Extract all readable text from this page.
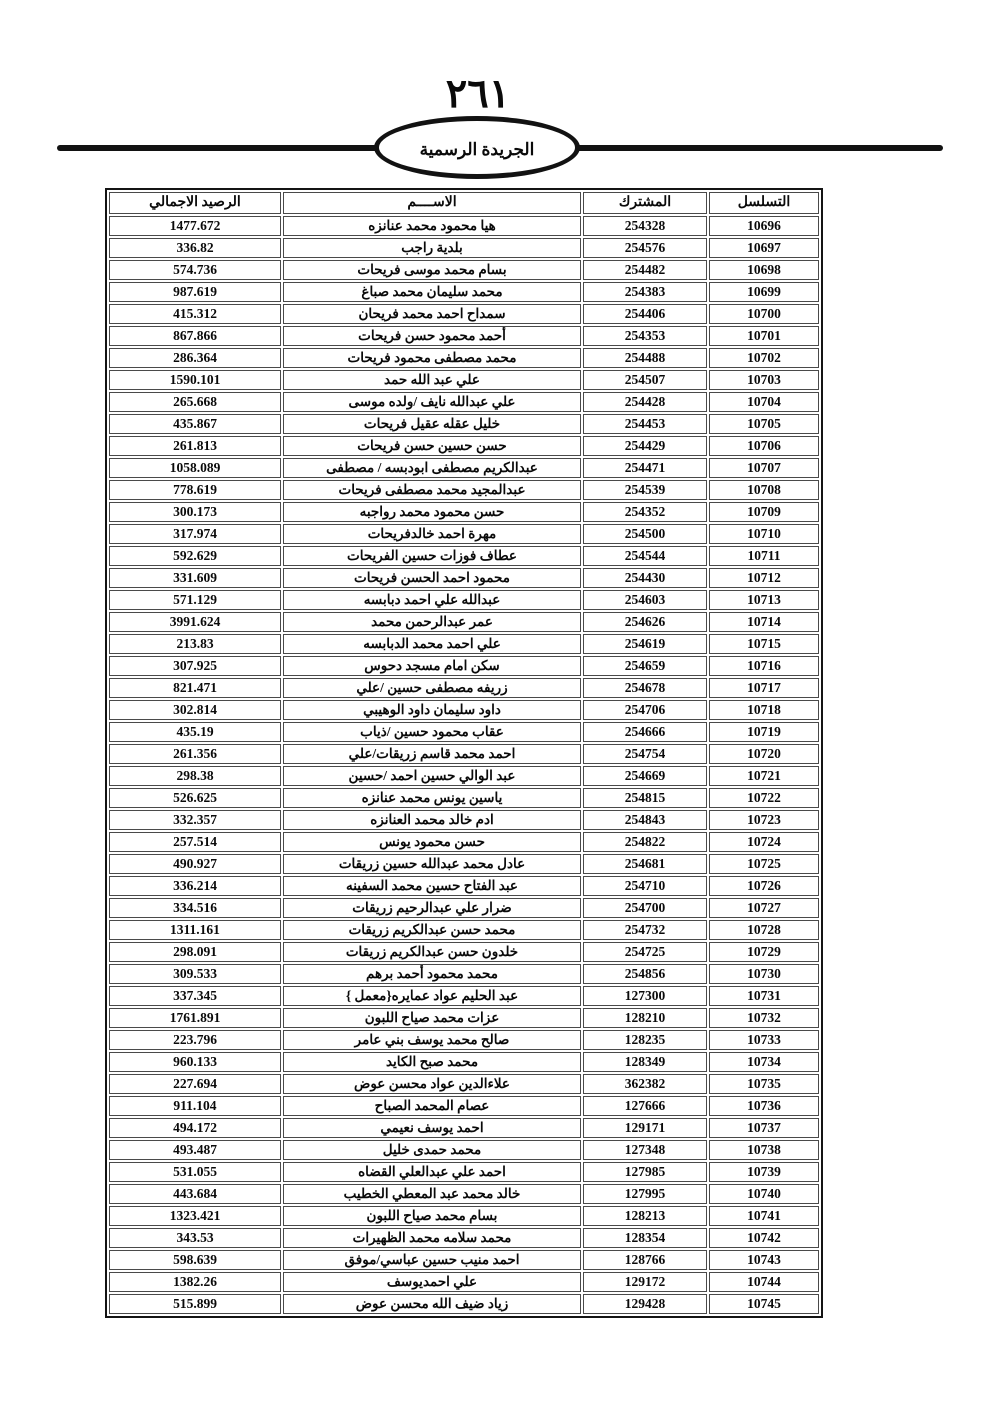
٢٦١
الجريدة الرسمية
التسلسل	المشترك	الاســــم	الرصيد الاجمالي
10696	254328	هيا محمود محمد عنانزه	1477.672
10697	254576	بلدية راجب	336.82
10698	254482	بسام محمد موسى فريحات	574.736
10699	254383	محمد سليمان محمد صباغ	987.619
10700	254406	سمداح احمد محمد فريحان	415.312
10701	254353	أحمد محمود حسن فريحات	867.866
10702	254488	محمد مصطفى محمود فريحات	286.364
10703	254507	علي عبد الله حمد	1590.101
10704	254428	علي عبدالله نايف /ولده موسى	265.668
10705	254453	خليل عقله عقيل فريحات	435.867
10706	254429	حسن حسين حسن فريحات	261.813
10707	254471	عبدالكريم مصطفى ابودبسه / مصطفى	1058.089
10708	254539	عبدالمجيد محمد مصطفى فريحات	778.619
10709	254352	حسن محمود محمد رواجبه	300.173
10710	254500	مهرة احمد خالدفريحات	317.974
10711	254544	عطاف فوزات حسين الفريحات	592.629
10712	254430	محمود احمد الحسن فريحات	331.609
10713	254603	عبدالله علي احمد دبابسه	571.129
10714	254626	عمر عبدالرحمن محمد	3991.624
10715	254619	علي احمد محمد الدبابسه	213.83
10716	254659	سكن امام مسجد دحوس	307.925
10717	254678	زريفه مصطفى حسين /علي	821.471
10718	254706	داود سليمان داود الوهيبي	302.814
10719	254666	عقاب محمود حسين /ذياب	435.19
10720	254754	احمد محمد قاسم زريقات/علي	261.356
10721	254669	عبد الوالي حسين احمد /حسين	298.38
10722	254815	ياسين يونس محمد عنانزه	526.625
10723	254843	ادم خالد محمد العنانزه	332.357
10724	254822	حسن محمود يونس	257.514
10725	254681	عادل محمد عبدالله حسين زريقات	490.927
10726	254710	عبد الفتاح حسين محمد السفينه	336.214
10727	254700	ضرار علي عبدالرحيم زريقات	334.516
10728	254732	محمد حسن عبدالكريم زريقات	1311.161
10729	254725	خلدون حسن عبدالكريم زريقات	298.091
10730	254856	محمد محمود أحمد برهم	309.533
10731	127300	عبد الحليم عواد عمايره{معمل }	337.345
10732	128210	عزات محمد صياح اللبون	1761.891
10733	128235	صالح محمد يوسف بني عامر	223.796
10734	128349	محمد صبح الكايد	960.133
10735	362382	علاءالدين عواد محسن عوض	227.694
10736	127666	عصام المحمد الصباح	911.104
10737	129171	احمد يوسف نعيمي	494.172
10738	127348	محمد حمدى خليل	493.487
10739	127985	احمد علي عبدالعلي القضاه	531.055
10740	127995	خالد محمد عبد المعطي الخطيب	443.684
10741	128213	بسام محمد صياح اللبون	1323.421
10742	128354	محمد سلامه محمد الظهيرات	343.53
10743	128766	احمد منيب حسين عباسي/موفق	598.639
10744	129172	علي احمديوسف	1382.26
10745	129428	زياد ضيف الله محسن عوض	515.899
